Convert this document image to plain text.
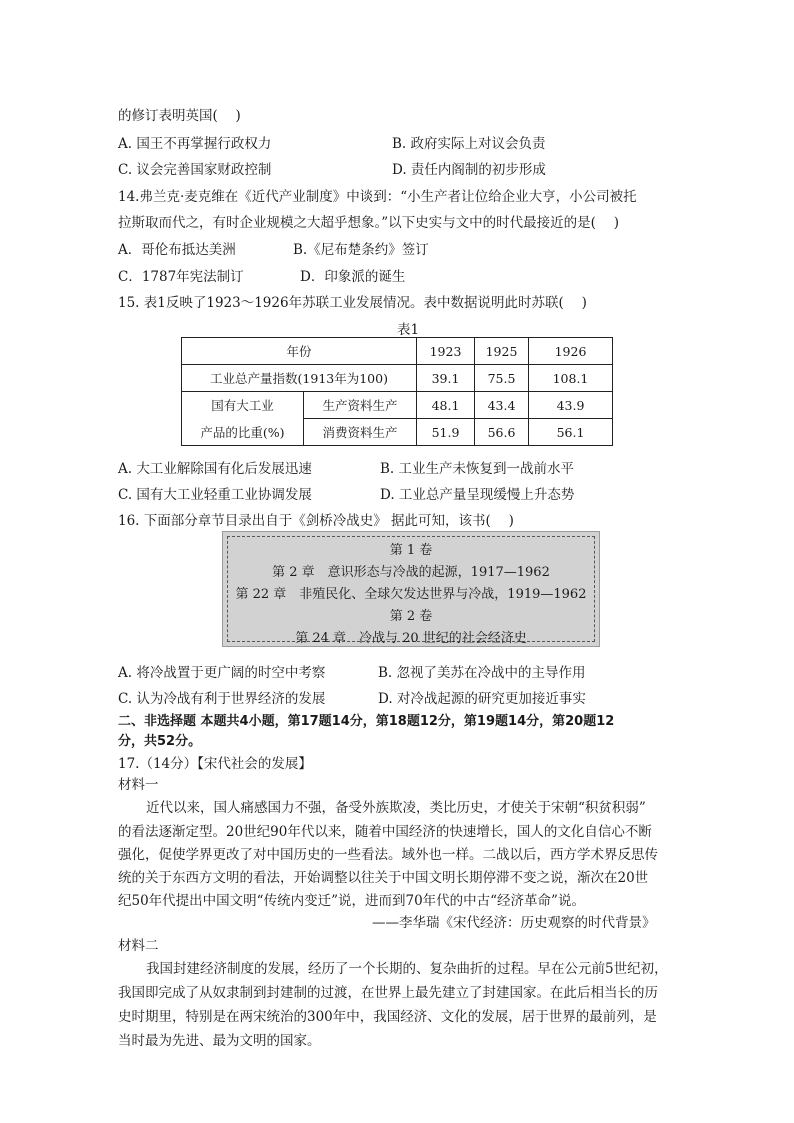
的修订表明英国(　 )
A. 国王不再掌握行政权力	B. 政府实际上对议会负责
C. 议会完善国家财政控制	D. 责任内阁制的初步形成
14.弗兰克·麦克维在《近代产业制度》中谈到：“小生产者让位给企业大亨，小公司被托
拉斯取而代之，有时企业规模之大超乎想象。”以下史实与文中的时代最接近的是(　 )
A．哥伦布抵达美洲	B.《尼布楚条约》签订
C．1787年宪法制订	D．印象派的诞生
15. 表1反映了1923～1926年苏联工业发展情况。表中数据说明此时苏联(　 )
表1
年份		1923	1925	1926
工业总产量指数(1913年为100)		39.1	75.5	108.1
国有大工业	生产资料生产	48.1	43.4	43.9
产品的比重(%)	消费资料生产	51.9	56.6	56.1
A. 大工业解除国有化后发展迅速	B. 工业生产未恢复到一战前水平
C. 国有大工业轻重工业协调发展	D. 工业总产量呈现缓慢上升态势
16. 下面部分章节目录出自于《剑桥冷战史》 据此可知，该书(　 )
第 1 卷
第 2 章　意识形态与冷战的起源，1917—1962
第 22 章　非殖民化、全球欠发达世界与冷战，1919—1962
第 2 卷
第 24 章　冷战与 20 世纪的社会经济史
A. 将冷战置于更广阔的时空中考察	B. 忽视了美苏在冷战中的主导作用
C. 认为冷战有利于世界经济的发展	D. 对冷战起源的研究更加接近事实
二、非选择题 本题共4小题，第17题14分，第18题12分，第19题14分，第20题12
分，共52分。
17.（14分）【宋代社会的发展】
材料一
近代以来，国人痛感国力不强，备受外族欺凌，类比历史，才使关于宋朝“积贫积弱”
的看法逐渐定型。20世纪90年代以来，随着中国经济的快速增长，国人的文化自信心不断
强化，促使学界更改了对中国历史的一些看法。域外也一样。二战以后，西方学术界反思传
统的关于东西方文明的看法，开始调整以往关于中国文明长期停滞不变之说，渐次在20世
纪50年代提出中国文明“传统内变迁”说，进而到70年代的中古“经济革命”说。
——李华瑞《宋代经济：历史观察的时代背景》
材料二
我国封建经济制度的发展，经历了一个长期的、复杂曲折的过程。早在公元前5世纪初，
我国即完成了从奴隶制到封建制的过渡，在世界上最先建立了封建国家。在此后相当长的历
史时期里，特别是在两宋统治的300年中，我国经济、文化的发展，居于世界的最前列，是
当时最为先进、最为文明的国家。
